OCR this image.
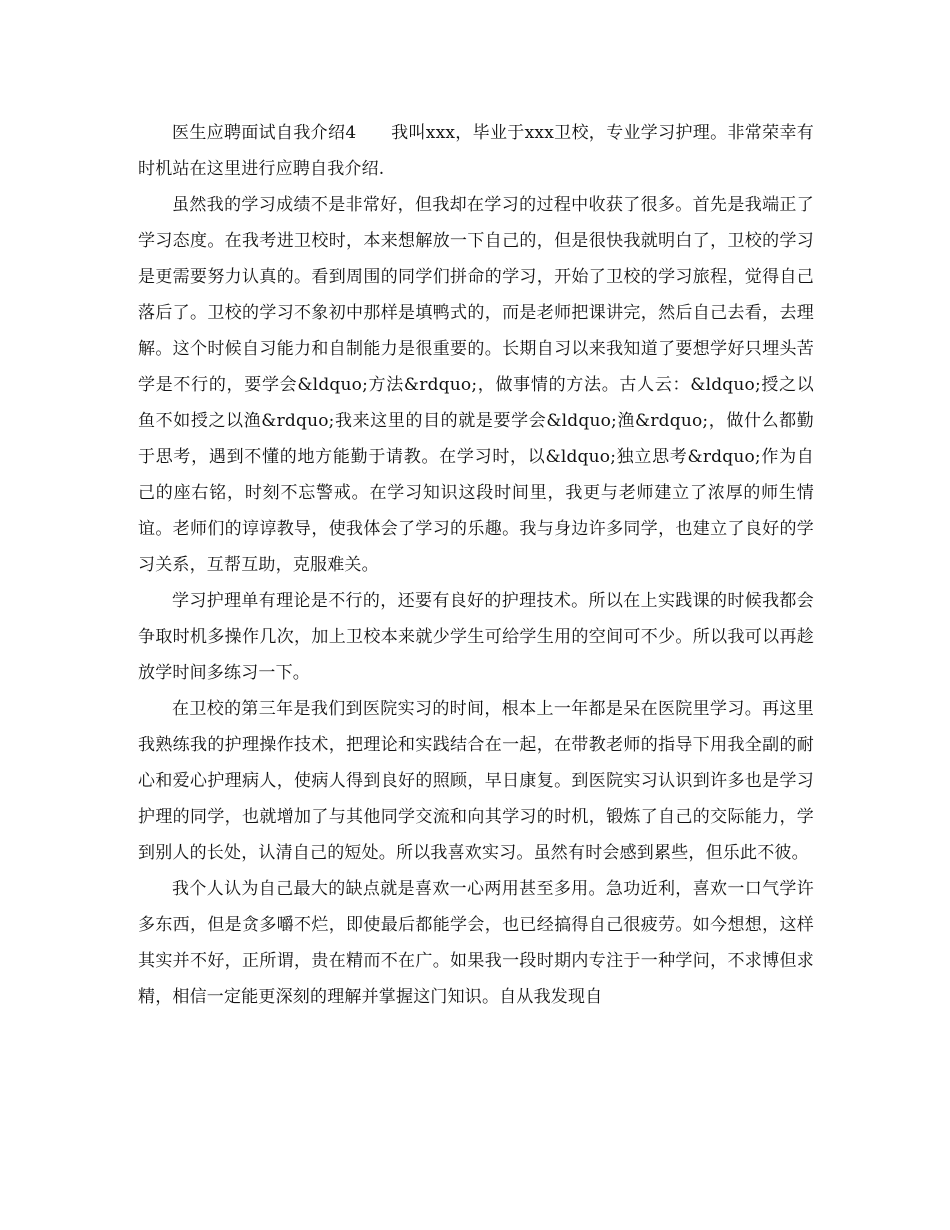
医生应聘面试自我介绍4　　我叫xxx，毕业于xxx卫校，专业学习护理。非常荣幸有时机站在这里进行应聘自我介绍.

虽然我的学习成绩不是非常好，但我却在学习的过程中收获了很多。首先是我端正了学习态度。在我考进卫校时，本来想解放一下自己的，但是很快我就明白了，卫校的学习是更需要努力认真的。看到周围的同学们拼命的学习，开始了卫校的学习旅程，觉得自己落后了。卫校的学习不象初中那样是填鸭式的，而是老师把课讲完，然后自己去看，去理解。这个时候自习能力和自制能力是很重要的。长期自习以来我知道了要想学好只埋头苦学是不行的，要学会&ldquo;方法&rdquo;，做事情的方法。古人云：&ldquo;授之以鱼不如授之以渔&rdquo;我来这里的目的就是要学会&ldquo;渔&rdquo;，做什么都勤于思考，遇到不懂的地方能勤于请教。在学习时，以&ldquo;独立思考&rdquo;作为自己的座右铭，时刻不忘警戒。在学习知识这段时间里，我更与老师建立了浓厚的师生情谊。老师们的谆谆教导，使我体会了学习的乐趣。我与身边许多同学，也建立了良好的学习关系，互帮互助，克服难关。

学习护理单有理论是不行的，还要有良好的护理技术。所以在上实践课的时候我都会争取时机多操作几次，加上卫校本来就少学生可给学生用的空间可不少。所以我可以再趁放学时间多练习一下。

在卫校的第三年是我们到医院实习的时间，根本上一年都是呆在医院里学习。再这里我熟练我的护理操作技术，把理论和实践结合在一起，在带教老师的指导下用我全副的耐心和爱心护理病人，使病人得到良好的照顾，早日康复。到医院实习认识到许多也是学习护理的同学，也就增加了与其他同学交流和向其学习的时机，锻炼了自己的交际能力，学到别人的长处，认清自己的短处。所以我喜欢实习。虽然有时会感到累些，但乐此不彼。

我个人认为自己最大的缺点就是喜欢一心两用甚至多用。急功近利，喜欢一口气学许多东西，但是贪多嚼不烂，即使最后都能学会，也已经搞得自己很疲劳。如今想想，这样其实并不好，正所谓，贵在精而不在广。如果我一段时期内专注于一种学问，不求博但求精，相信一定能更深刻的理解并掌握这门知识。自从我发现自
